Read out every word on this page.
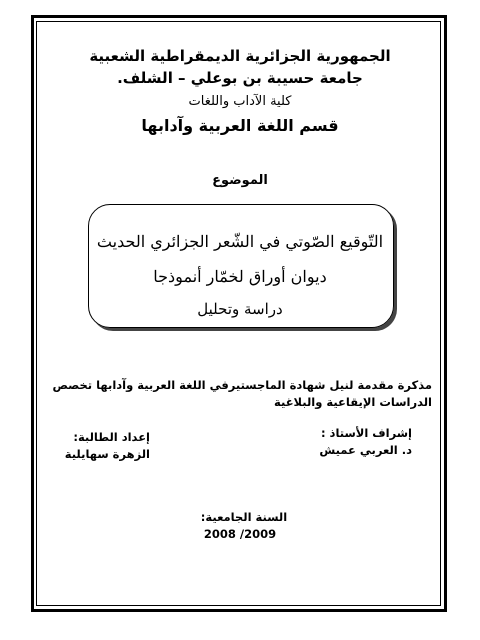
الجمهورية الجزائرية الديمقراطية الشعبية
جامعة حسيبة بن بوعلي – الشلف.
كلية الآداب واللغات
قسم اللغة العربية وآدابها
الموضوع
التّوقيع الصّوتي في الشّعر الجزائري الحديث
ديوان أوراق لخمّار أنموذجا
دراسة وتحليل
مذكرة مقدمة لنيل شهادة الماجستيرفي اللغة العربية وآدابها تخصص الدراسات الإيقاعية والبلاغية
إشراف الأستاذ :
د. العربي عميش
إعداد الطالبة:
الزهرة سهايلية
السنة الجامعية:
2009/ 2008
